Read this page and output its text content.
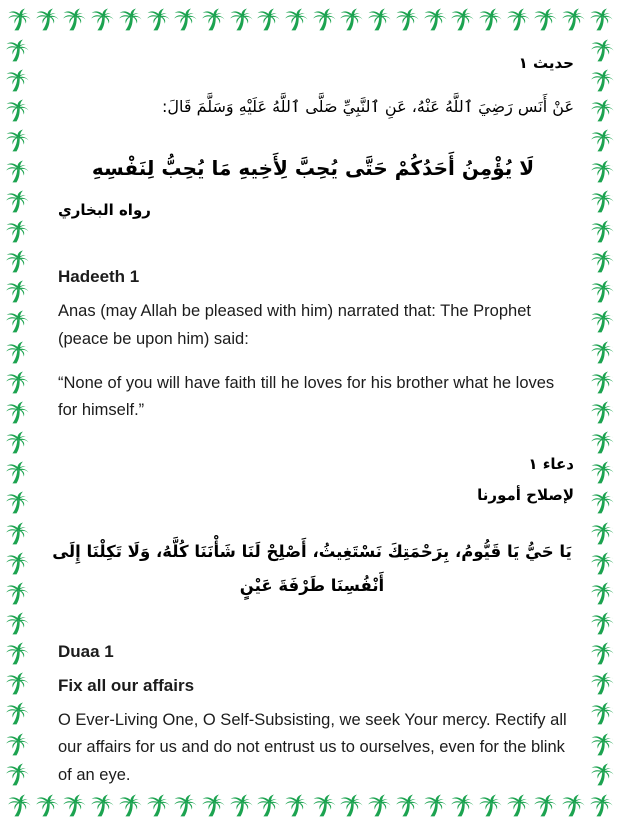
حديث ١
عَنْ أَنَس رَضِيَ ٱللَّهُ عَنْهُ، عَنِ ٱلنَّبِيِّ صَلَّى ٱللَّهُ عَلَيْهِ وَسَلَّمَ قَالَ:
لَا يُؤْمِنُ أَحَدُكُمْ حَتَّى يُحِبَّ لِأَخِيهِ مَا يُحِبُّ لِنَفْسِهِ
رواه البخاري
Hadeeth 1

Anas (may Allah be pleased with him) narrated that: The Prophet (peace be upon him) said:

“None of you will have faith till he loves for his brother what he loves for himself.”

دعاء ١
لإصلاح أمورنا
يَا حَيُّ يَا قَيُّومُ، بِرَحْمَتِكَ نَسْتَغِيثُ، أَصْلِحْ لَنَا شَأْنَنَا كُلَّهُ، وَلَا تَكِلْنَا إِلَى أَنْفُسِنَا طَرْفَةَ عَيْنٍ
Duaa 1
Fix all our affairs

O Ever-Living One, O Self-Subsisting, we seek Your mercy. Rectify all our affairs for us and do not entrust us to ourselves, even for the blink of an eye.
